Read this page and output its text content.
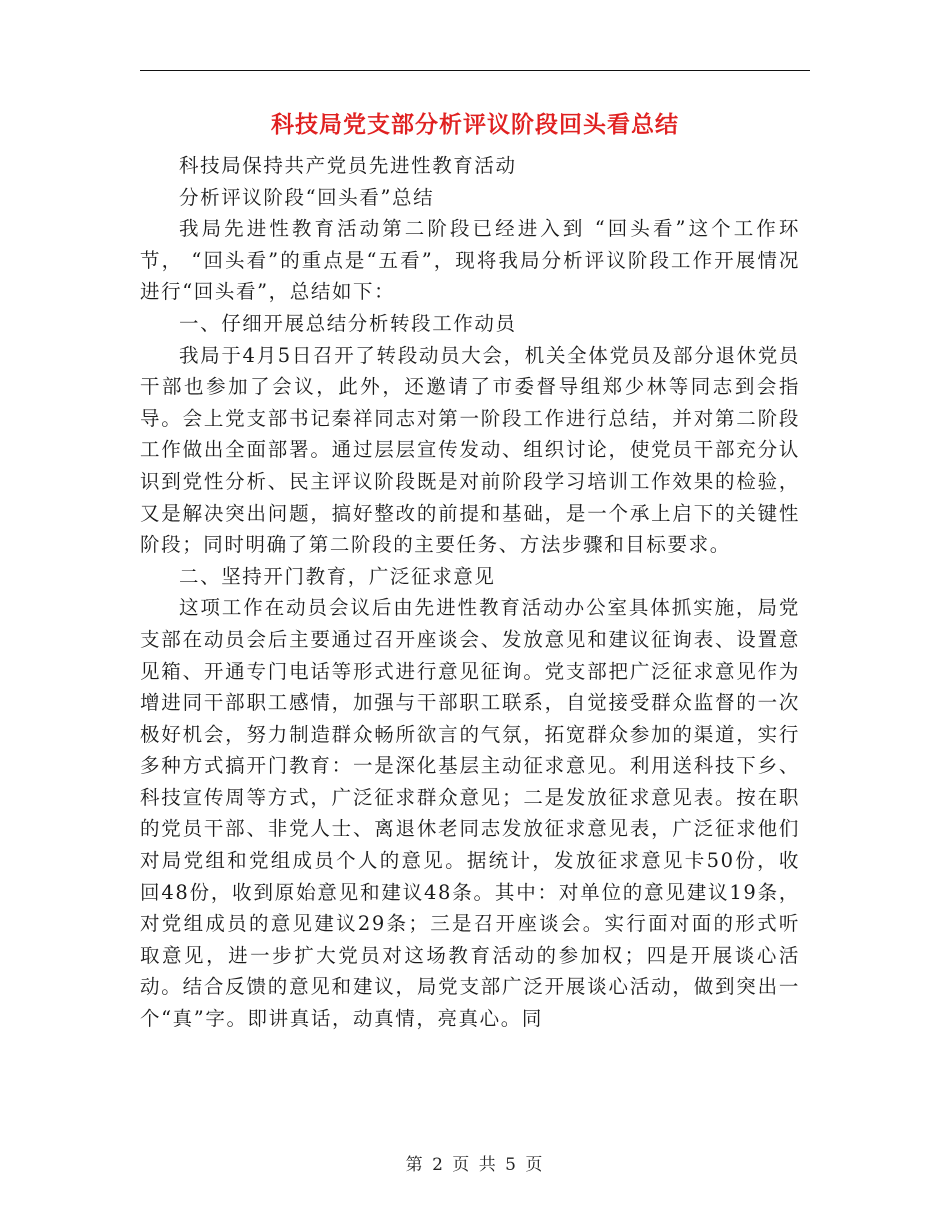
科技局党支部分析评议阶段回头看总结

科技局保持共产党员先进性教育活动

分析评议阶段“回头看”总结

我局先进性教育活动第二阶段已经进入到 “回头看”这个工作环节， “回头看”的重点是“五看”，现将我局分析评议阶段工作开展情况进行“回头看”，总结如下：

一、仔细开展总结分析转段工作动员

我局于4月5日召开了转段动员大会，机关全体党员及部分退休党员干部也参加了会议，此外，还邀请了市委督导组郑少林等同志到会指导。会上党支部书记秦祥同志对第一阶段工作进行总结，并对第二阶段工作做出全面部署。通过层层宣传发动、组织讨论，使党员干部充分认识到党性分析、民主评议阶段既是对前阶段学习培训工作效果的检验，又是解决突出问题，搞好整改的前提和基础，是一个承上启下的关键性阶段；同时明确了第二阶段的主要任务、方法步骤和目标要求。

二、坚持开门教育，广泛征求意见

这项工作在动员会议后由先进性教育活动办公室具体抓实施，局党支部在动员会后主要通过召开座谈会、发放意见和建议征询表、设置意见箱、开通专门电话等形式进行意见征询。党支部把广泛征求意见作为增进同干部职工感情，加强与干部职工联系，自觉接受群众监督的一次极好机会，努力制造群众畅所欲言的气氛，拓宽群众参加的渠道，实行多种方式搞开门教育：一是深化基层主动征求意见。利用送科技下乡、科技宣传周等方式，广泛征求群众意见；二是发放征求意见表。按在职的党员干部、非党人士、离退休老同志发放征求意见表，广泛征求他们对局党组和党组成员个人的意见。据统计，发放征求意见卡50份，收回48份，收到原始意见和建议48条。其中：对单位的意见建议19条，对党组成员的意见建议29条；三是召开座谈会。实行面对面的形式听取意见，进一步扩大党员对这场教育活动的参加权；四是开展谈心活动。结合反馈的意见和建议，局党支部广泛开展谈心活动，做到突出一个“真”字。即讲真话，动真情，亮真心。同

第 2 页 共 5 页
